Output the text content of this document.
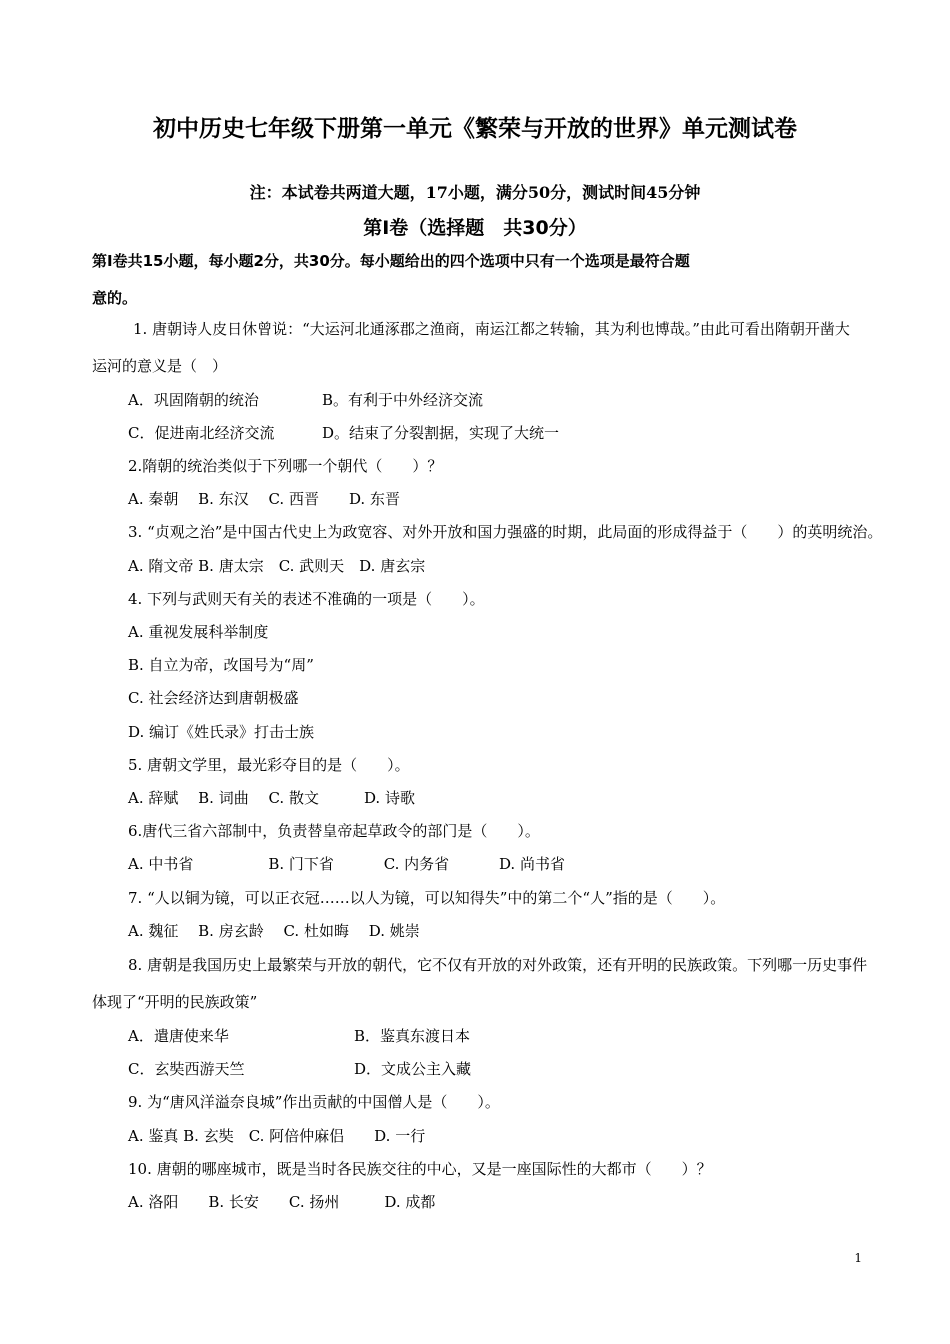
初中历史七年级下册第一单元《繁荣与开放的世界》单元测试卷
注：本试卷共两道大题，17小题，满分50分，测试时间45分钟
第Ⅰ卷（选择题　共30分）
第Ⅰ卷共15小题，每小题2分，共30分。每小题给出的四个选项中只有一个选项是最符合题
意的。
1. 唐朝诗人皮日休曾说：“大运河北通涿郡之渔商，南运江都之转输，其为利也博哉。”由此可看出隋朝开凿大
运河的意义是（　）
A．巩固隋朝的统治	B。有利于中外经济交流
C．促进南北经济交流	D。结束了分裂割据，实现了大统一
2.隋朝的统治类似于下列哪一个朝代（　　）？
A. 秦朝　 B. 东汉　 C. 西晋　　D. 东晋
3. “贞观之治”是中国古代史上为政宽容、对外开放和国力强盛的时期，此局面的形成得益于（　　）的英明统治。
A. 隋文帝 B. 唐太宗　C. 武则天　D. 唐玄宗
4. 下列与武则天有关的表述不准确的一项是（　　）。
A. 重视发展科举制度
B. 自立为帝，改国号为“周”
C. 社会经济达到唐朝极盛
D. 编订《姓氏录》打击士族
5. 唐朝文学里，最光彩夺目的是（　　）。
A. 辞赋　 B. 词曲　 C. 散文　　　D. 诗歌
6.唐代三省六部制中，负责替皇帝起草政令的部门是（　　）。
A. 中书省　　　　　B. 门下省　　　 C. 内务省　　　 D. 尚书省
7. “人以铜为镜，可以正衣冠……以人为镜，可以知得失”中的第二个“人”指的是（　　）。
A. 魏征　 B. 房玄龄　 C. 杜如晦　 D. 姚崇
8. 唐朝是我国历史上最繁荣与开放的朝代，它不仅有开放的对外政策，还有开明的民族政策。下列哪一历史事件
体现了“开明的民族政策”
A．遣唐使来华	B．鉴真东渡日本
C．玄奘西游天竺	D．文成公主入藏
9. 为“唐风洋溢奈良城”作出贡献的中国僧人是（　　）。
A. 鉴真 B. 玄奘　C. 阿倍仲麻侣　　D. 一行
10. 唐朝的哪座城市，既是当时各民族交往的中心，又是一座国际性的大都市（　　）？
A. 洛阳　　B. 长安　　C. 扬州　　　D. 成都
1
